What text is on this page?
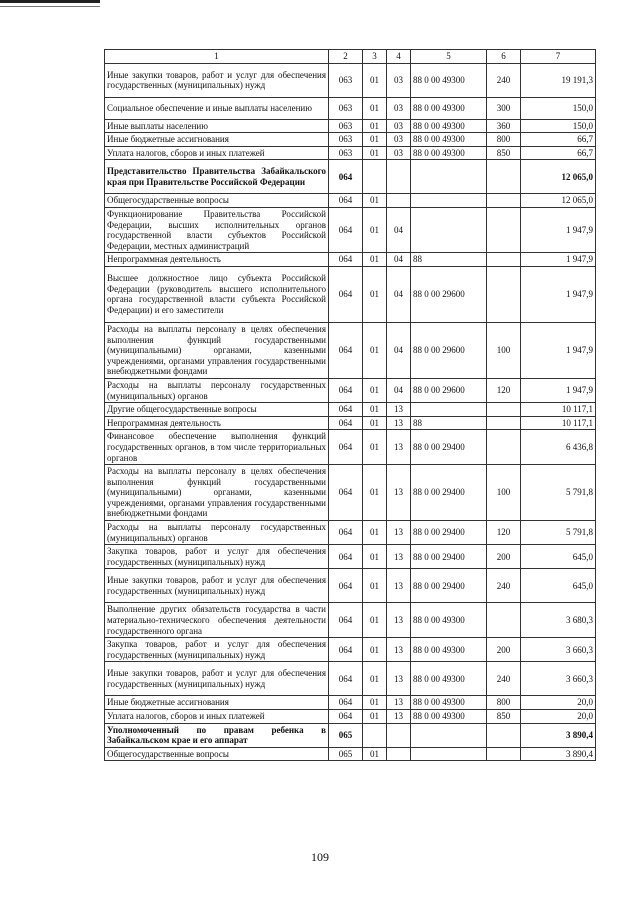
1	2	3	4	5	6	7
Иные закупки товаров, работ и услуг для обеспечения государственных (муниципальных) нужд	063	01	03	88 0 00 49300	240	19 191,3
Социальное обеспечение и иные выплаты населению	063	01	03	88 0 00 49300	300	150,0
Иные выплаты населению	063	01	03	88 0 00 49300	360	150,0
Иные бюджетные ассигнования	063	01	03	88 0 00 49300	800	66,7
Уплата налогов, сборов и иных платежей	063	01	03	88 0 00 49300	850	66,7
Представительство Правительства Забайкальского края при Правительстве Российской Федерации	064					12 065,0
Общегосударственные вопросы	064	01				12 065,0
Функционирование Правительства Российской Федерации, высших исполнительных органов государственной власти субъектов Российской Федерации, местных администраций	064	01	04			1 947,9
Непрограммная деятельность	064	01	04	88		1 947,9
Высшее должностное лицо субъекта Российской Федерации (руководитель высшего исполнительного органа государственной власти субъекта Российской Федерации) и его заместители	064	01	04	88 0 00 29600		1 947,9
Расходы на выплаты персоналу в целях обеспечения выполнения функций государственными (муниципальными) органами, казенными учреждениями, органами управления государственными внебюджетными фондами	064	01	04	88 0 00 29600	100	1 947,9
Расходы на выплаты персоналу государственных (муниципальных) органов	064	01	04	88 0 00 29600	120	1 947,9
Другие общегосударственные вопросы	064	01	13			10 117,1
Непрограммная деятельность	064	01	13	88		10 117,1
Финансовое обеспечение выполнения функций государственных органов, в том числе территориальных органов	064	01	13	88 0 00 29400		6 436,8
Расходы на выплаты персоналу в целях обеспечения выполнения функций государственными (муниципальными) органами, казенными учреждениями, органами управления государственными внебюджетными фондами	064	01	13	88 0 00 29400	100	5 791,8
Расходы на выплаты персоналу государственных (муниципальных) органов	064	01	13	88 0 00 29400	120	5 791,8
Закупка товаров, работ и услуг для обеспечения государственных (муниципальных) нужд	064	01	13	88 0 00 29400	200	645,0
Иные закупки товаров, работ и услуг для обеспечения государственных (муниципальных) нужд	064	01	13	88 0 00 29400	240	645,0
Выполнение других обязательств государства в части материально-технического обеспечения деятельности государственного органа	064	01	13	88 0 00 49300		3 680,3
Закупка товаров, работ и услуг для обеспечения государственных (муниципальных) нужд	064	01	13	88 0 00 49300	200	3 660,3
Иные закупки товаров, работ и услуг для обеспечения государственных (муниципальных) нужд	064	01	13	88 0 00 49300	240	3 660,3
Иные бюджетные ассигнования	064	01	13	88 0 00 49300	800	20,0
Уплата налогов, сборов и иных платежей	064	01	13	88 0 00 49300	850	20,0
Уполномоченный по правам ребенка в Забайкальском крае и его аппарат	065					3 890,4
Общегосударственные вопросы	065	01				3 890,4
109
